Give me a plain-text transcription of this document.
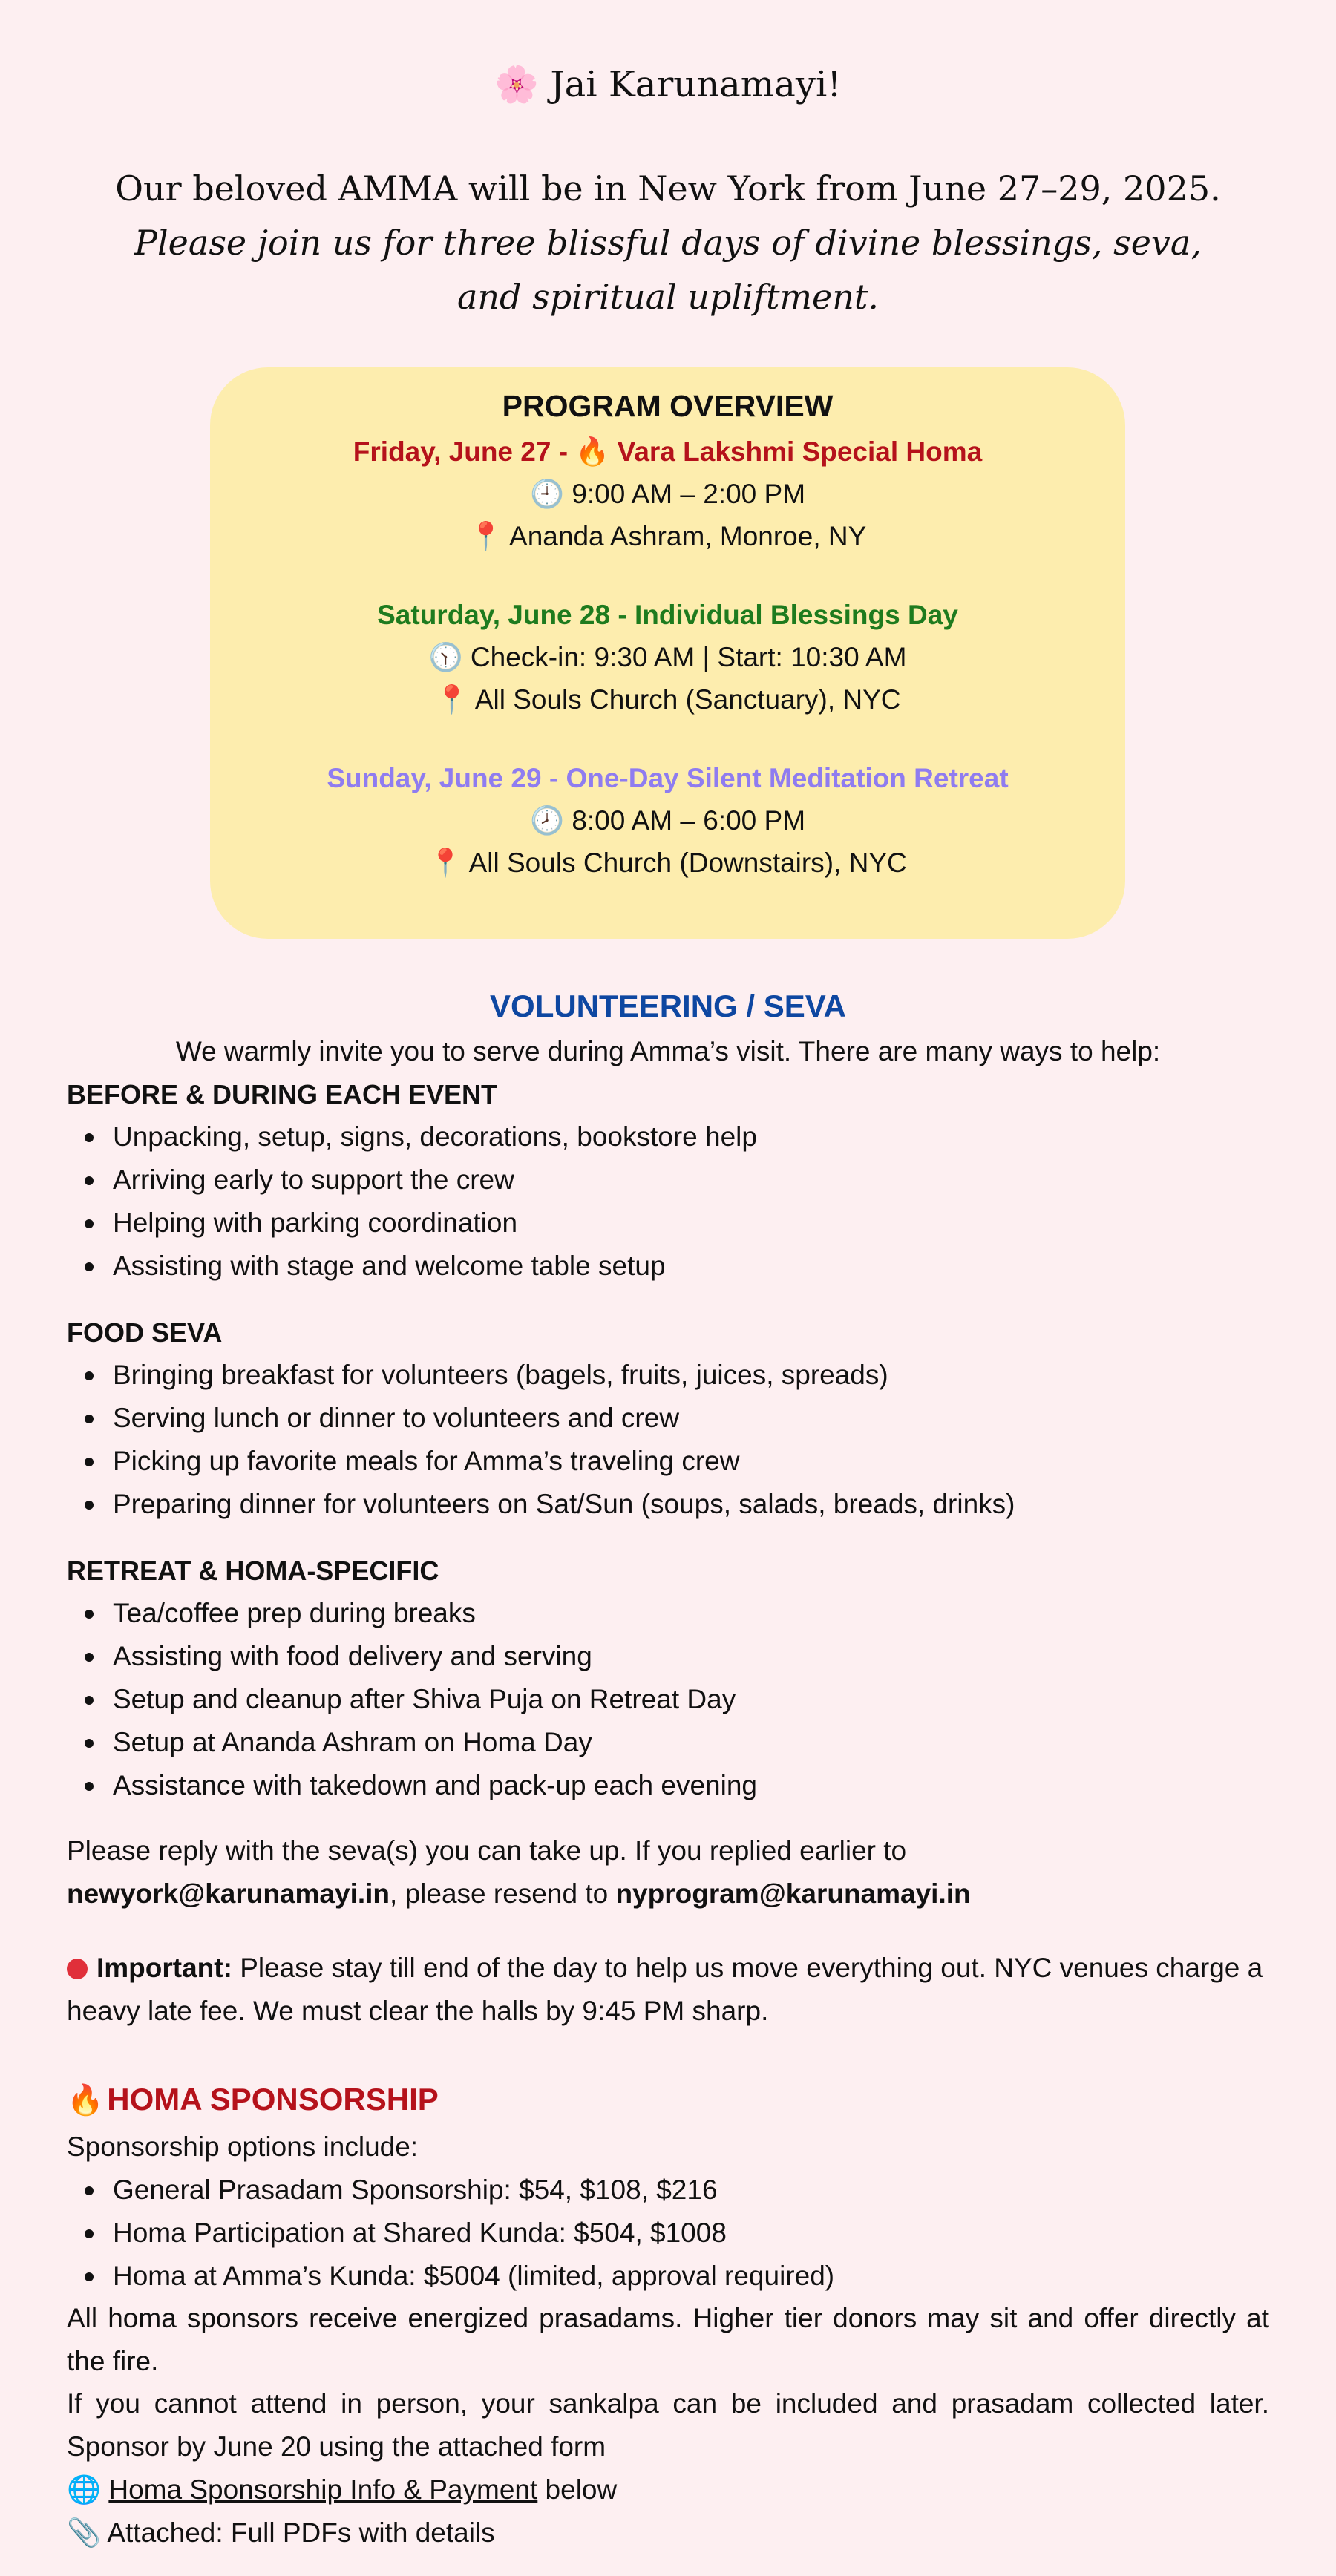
🌸 Jai Karunamayi!
Our beloved AMMA will be in New York from June 27–29, 2025.
Please join us for three blissful days of divine blessings, seva, and spiritual upliftment.
PROGRAM OVERVIEW
Friday, June 27 - 🔥 Vara Lakshmi Special Homa
🕘 9:00 AM – 2:00 PM
📍 Ananda Ashram, Monroe, NY
Saturday, June 28 - Individual Blessings Day
🕥 Check-in: 9:30 AM | Start: 10:30 AM
📍 All Souls Church (Sanctuary), NYC
Sunday, June 29 - One-Day Silent Meditation Retreat
🕗 8:00 AM – 6:00 PM
📍 All Souls Church (Downstairs), NYC
VOLUNTEERING / SEVA
We warmly invite you to serve during Amma’s visit. There are many ways to help:
BEFORE & DURING EACH EVENT
Unpacking, setup, signs, decorations, bookstore help
Arriving early to support the crew
Helping with parking coordination
Assisting with stage and welcome table setup
FOOD SEVA
Bringing breakfast for volunteers (bagels, fruits, juices, spreads)
Serving lunch or dinner to volunteers and crew
Picking up favorite meals for Amma’s traveling crew
Preparing dinner for volunteers on Sat/Sun (soups, salads, breads, drinks)
RETREAT & HOMA-SPECIFIC
Tea/coffee prep during breaks
Assisting with food delivery and serving
Setup and cleanup after Shiva Puja on Retreat Day
Setup at Ananda Ashram on Homa Day
Assistance with takedown and pack-up each evening
Please reply with the seva(s) you can take up. If you replied earlier to
newyork@karunamayi.in, please resend to nyprogram@karunamayi.in
Important: Please stay till end of the day to help us move everything out. NYC venues charge a heavy late fee. We must clear the halls by 9:45 PM sharp.
🔥 HOMA SPONSORSHIP
Sponsorship options include:
General Prasadam Sponsorship: $54, $108, $216
Homa Participation at Shared Kunda: $504, $1008
Homa at Amma’s Kunda: $5004 (limited, approval required)
All homa sponsors receive energized prasadams. Higher tier donors may sit and offer directly at the fire.
If you cannot attend in person, your sankalpa can be included and prasadam collected later. Sponsor by June 20 using the attached form
🌐 Homa Sponsorship Info & Payment below
📎 Attached: Full PDFs with details
